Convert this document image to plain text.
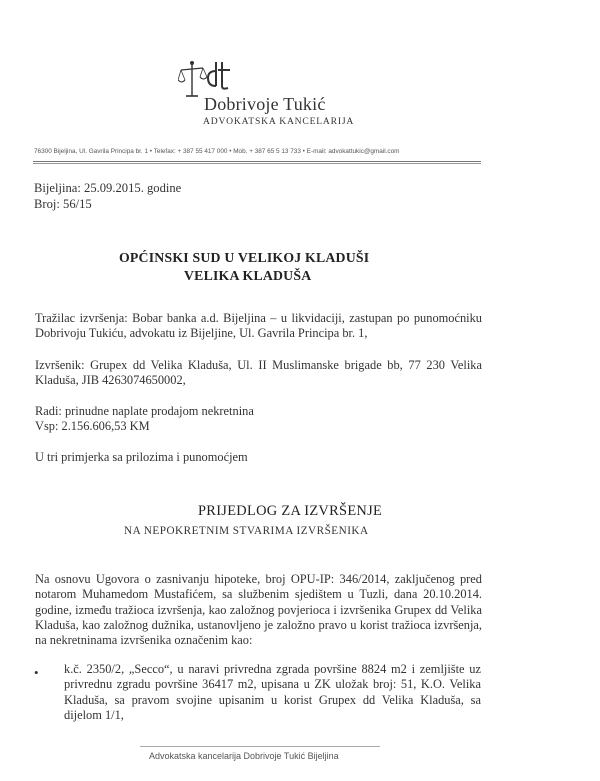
Dobrivoje Tukić
ADVOKATSKA KANCELARIJA
76300 Bijeljina, Ul. Gavrila Principa br. 1 • Telefax: + 387 55 417 000 • Mob. + 387 65 5 13 733 • E-mail: advokattukic@gmail.com
Bijeljina: 25.09.2015. godine
Broj: 56/15
OPĆINSKI SUD U VELIKOJ KLADUŠI
VELIKA KLADUŠA
Tražilac izvršenja: Bobar banka a.d. Bijeljina – u likvidaciji, zastupan po punomoćniku Dobrivoju Tukiću, advokatu iz Bijeljine, Ul. Gavrila Principa br. 1,
Izvršenik: Grupex dd Velika Kladuša, Ul. II Muslimanske brigade bb, 77 230 Velika Kladuša, JIB 4263074650002,
Radi: prinudne naplate prodajom nekretnina
Vsp: 2.156.606,53 KM
U tri primjerka sa prilozima i punomoćjem
PRIJEDLOG ZA IZVRŠENJE
NA NEPOKRETNIM STVARIMA IZVRŠENIKA
Na osnovu Ugovora o zasnivanju hipoteke, broj OPU-IP: 346/2014, zaključenog pred notarom Muhamedom Mustafićem, sa službenim sjedištem u Tuzli, dana 20.10.2014. godine, između tražioca izvršenja, kao založnog povjerioca i izvršenika Grupex dd Velika Kladuša, kao založnog dužnika, ustanovljeno je založno pravo u korist tražioca izvršenja, na nekretninama izvršenika označenim kao:
• k.č. 2350/2, „Secco“, u naravi privredna zgrada površine 8824 m2 i zemljište uz privrednu zgradu površine 36417 m2, upisana u ZK uložak broj: 51, K.O. Velika Kladuša, sa pravom svojine upisanim u korist Grupex dd Velika Kladuša, sa dijelom 1/1,
Advokatska kancelarija Dobrivoje Tukić Bijeljina
